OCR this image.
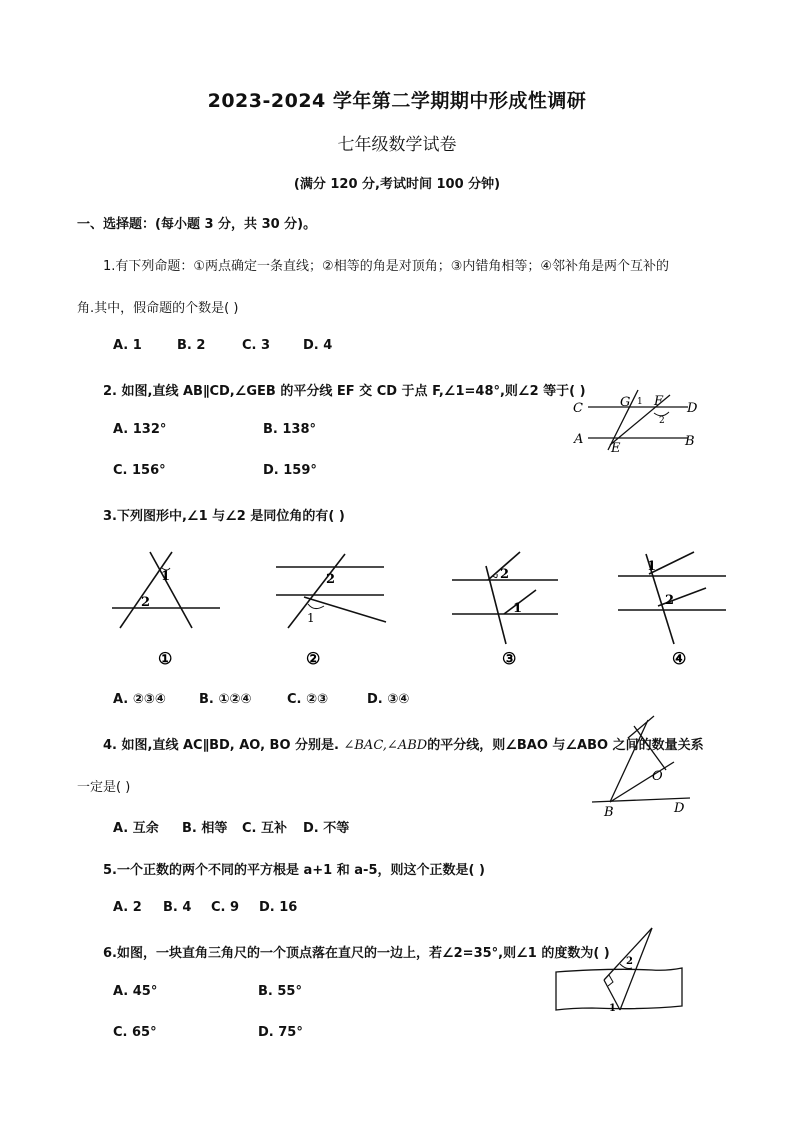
2023-2024 学年第二学期期中形成性调研
七年级数学试卷
(满分 120 分,考试时间 100 分钟)
一、选择题：(每小题 3 分，共 30 分)。
1.有下列命题：①两点确定一条直线；②相等的角是对顶角；③内错角相等；④邻补角是两个互补的
角.其中，假命题的个数是( )
A. 1	B. 2	C. 3	D. 4
2. 如图,直线 AB∥CD,∠GEB 的平分线 EF 交 CD 于点 F,∠1=48°,则∠2 等于( )
A. 132°	B. 138°
C. 156°	D. 159°
C	G 1 F
2
D
A
E	B
3.下列图形中,∠1 与∠2 是同位角的有( )
1
2
①
2
1
②
2
1
③
1
2
④
A. ②③④	B. ①②④	C. ②③	D. ③④
4. 如图,直线 AC∥BD, AO, BO 分别是. ∠BAC,∠ABD的平分线，则∠BAO 与∠ABO 之间的数量关系
一定是( )
A. 互余 B. 相等 C. 互补 D. 不等
O
B	D
5.一个正数的两个不同的平方根是 a+1 和 a-5，则这个正数是( )
A. 2 B. 4 C. 9 D. 16
6.如图，一块直角三角尺的一个顶点落在直尺的一边上，若∠2=35°,则∠1 的度数为( )
A. 45°	B. 55°
C. 65°	D. 75°
2
1
